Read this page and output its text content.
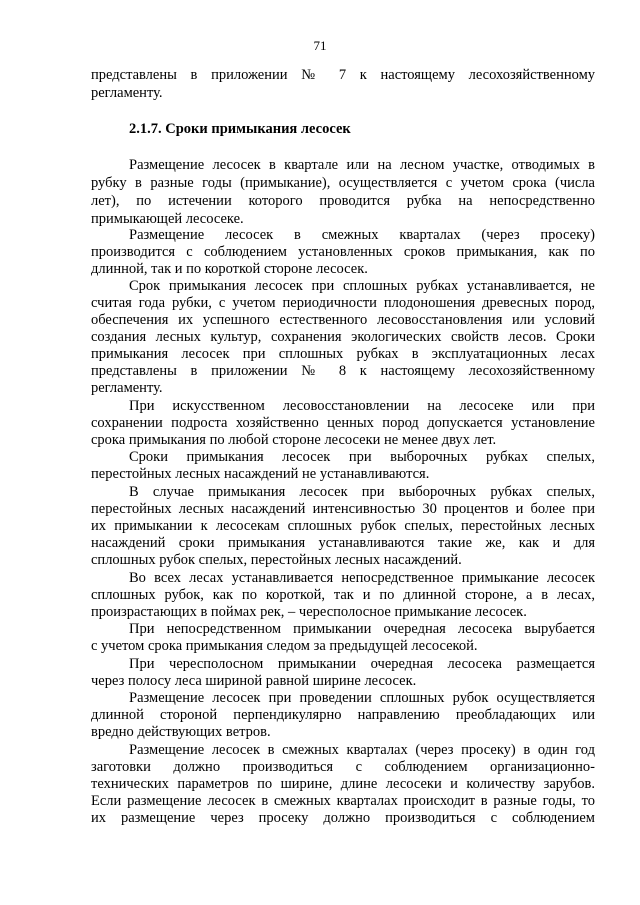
71
представлены в приложении № 7 к настоящему лесохозяйственному
регламенту.
2.1.7. Сроки примыкания лесосек
Размещение лесосек в квартале или на лесном участке, отводимых в
рубку в разные годы (примыкание), осуществляется с учетом срока (числа
лет), по истечении которого проводится рубка на непосредственно
примыкающей лесосеке.
Размещение лесосек в смежных кварталах (через просеку)
производится с соблюдением установленных сроков примыкания, как по
длинной, так и по короткой стороне лесосек.
Срок примыкания лесосек при сплошных рубках устанавливается, не
считая года рубки, с учетом периодичности плодоношения древесных пород,
обеспечения их успешного естественного лесовосстановления или условий
создания лесных культур, сохранения экологических свойств лесов. Сроки
примыкания лесосек при сплошных рубках в эксплуатационных лесах
представлены в приложении № 8 к настоящему лесохозяйственному
регламенту.
При искусственном лесовосстановлении на лесосеке или при
сохранении подроста хозяйственно ценных пород допускается установление
срока примыкания по любой стороне лесосеки не менее двух лет.
Сроки примыкания лесосек при выборочных рубках спелых,
перестойных лесных насаждений не устанавливаются.
В случае примыкания лесосек при выборочных рубках спелых,
перестойных лесных насаждений интенсивностью 30 процентов и более при
их примыкании к лесосекам сплошных рубок спелых, перестойных лесных
насаждений сроки примыкания устанавливаются такие же, как и для
сплошных рубок спелых, перестойных лесных насаждений.
Во всех лесах устанавливается непосредственное примыкание лесосек
сплошных рубок, как по короткой, так и по длинной стороне, а в лесах,
произрастающих в поймах рек, – чересполосное примыкание лесосек.
При непосредственном примыкании очередная лесосека вырубается
с учетом срока примыкания следом за предыдущей лесосекой.
При чересполосном примыкании очередная лесосека размещается
через полосу леса шириной равной ширине лесосек.
Размещение лесосек при проведении сплошных рубок осуществляется
длинной стороной перпендикулярно направлению преобладающих или
вредно действующих ветров.
Размещение лесосек в смежных кварталах (через просеку) в один год
заготовки должно производиться с соблюдением организационно-
технических параметров по ширине, длине лесосеки и количеству зарубов.
Если размещение лесосек в смежных кварталах происходит в разные годы, то
их размещение через просеку должно производиться с соблюдением
